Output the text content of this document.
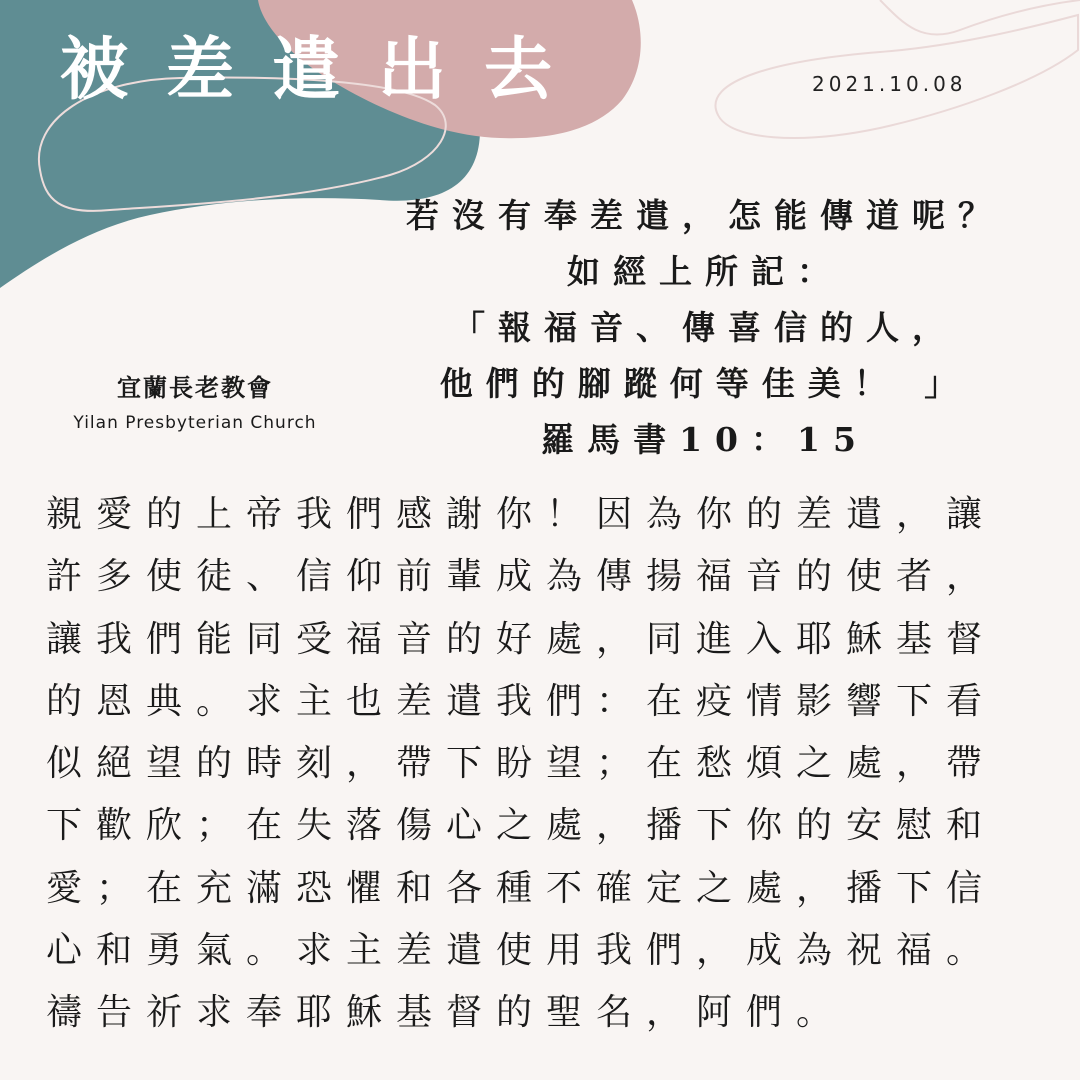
被差遣出去	2021.10.08
宜蘭長老教會
Yilan Presbyterian Church
若沒有奉差遣，怎能傳道呢？
如經上所記：
「報福音、傳喜信的人，
他們的腳蹤何等佳美！ 」
羅馬書10：15
親愛的上帝我們感謝你！因為你的差遣，讓
許多使徒、信仰前輩成為傳揚福音的使者，
讓我們能同受福音的好處，同進入耶穌基督
的恩典。求主也差遣我們：在疫情影響下看
似絕望的時刻，帶下盼望；在愁煩之處，帶
下歡欣；在失落傷心之處，播下你的安慰和
愛；在充滿恐懼和各種不確定之處，播下信
心和勇氣。求主差遣使用我們，成為祝福。
禱告祈求奉耶穌基督的聖名，阿們。
